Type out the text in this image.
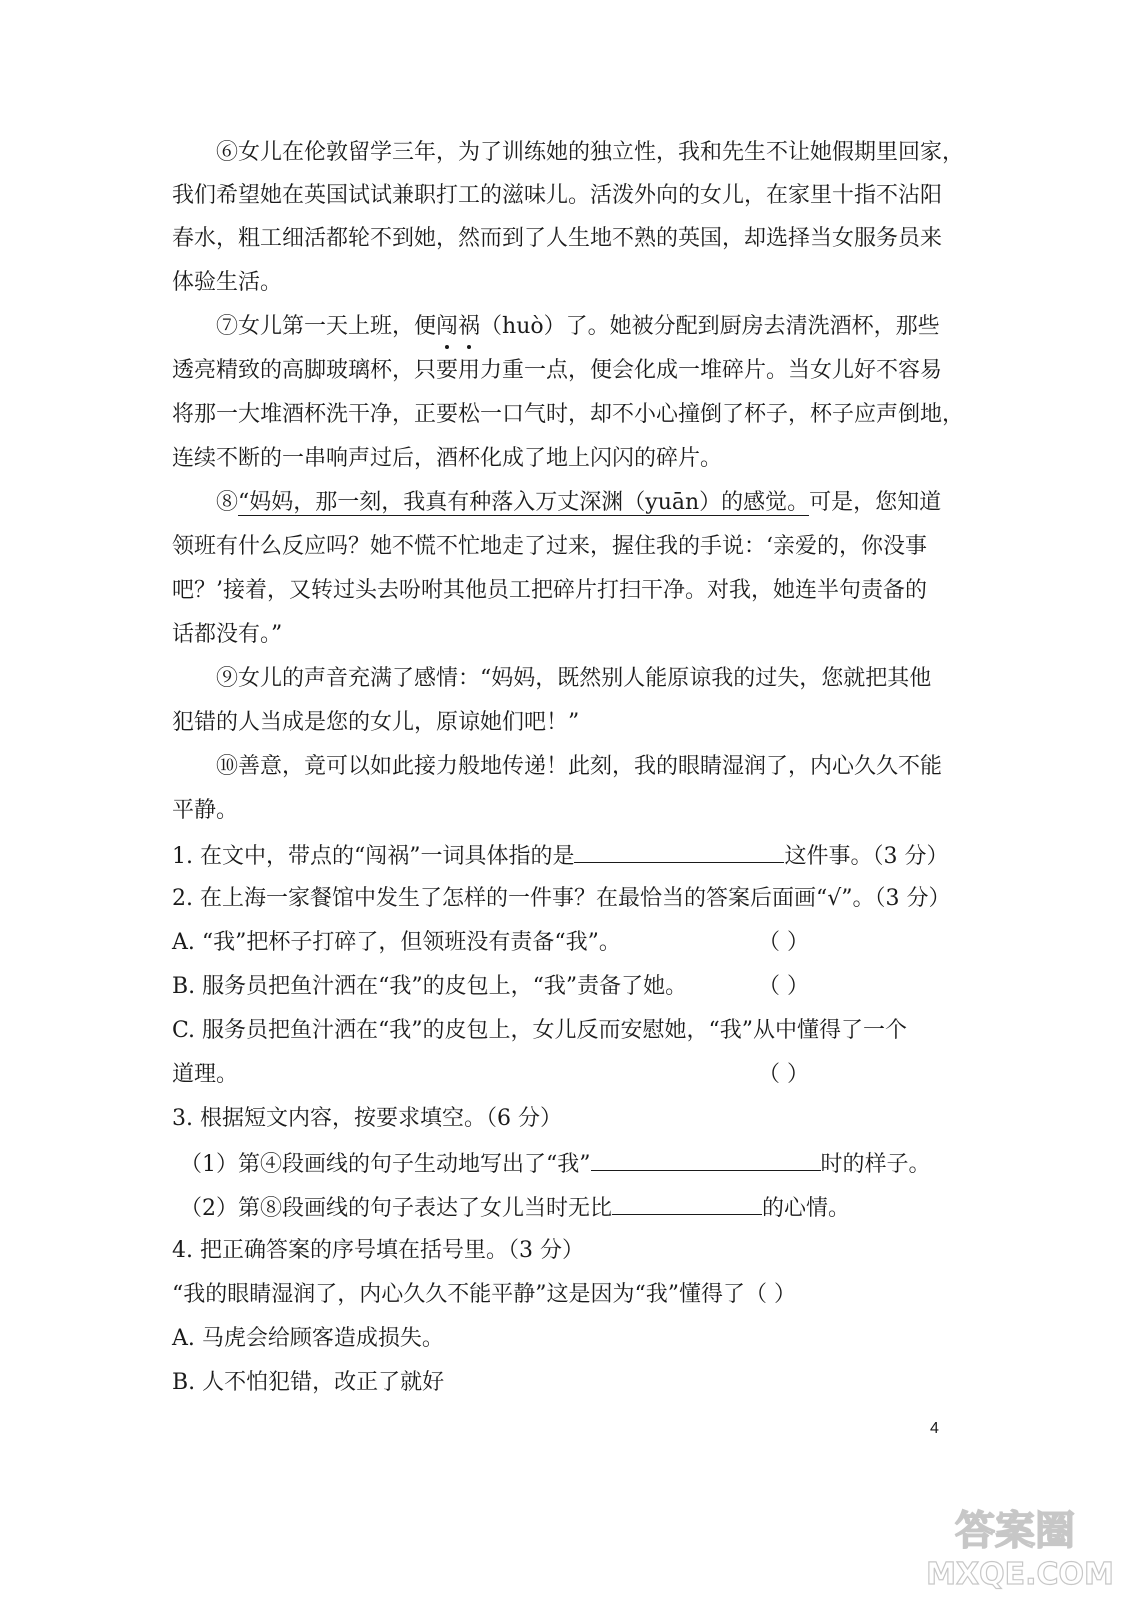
⑥女儿在伦敦留学三年，为了训练她的独立性，我和先生不让她假期里回家，
我们希望她在英国试试兼职打工的滋味儿。活泼外向的女儿，在家里十指不沾阳
春水，粗工细活都轮不到她，然而到了人生地不熟的英国，却选择当女服务员来
体验生活。
⑦女儿第一天上班，便闯祸
（huò）了。她被分配到厨房去清洗酒杯，那些
透亮精致的高脚玻璃杯，只要用力重一点，便会化成一堆碎片。当女儿好不容易
将那一大堆酒杯洗干净，正要松一口气时，却不小心撞倒了杯子，杯子应声倒地，
连续不断的一串响声过后，酒杯化成了地上闪闪的碎片。
⑧“妈妈，那一刻，我真有种落入万丈深渊（yuān）的感觉。可是，您知道
领班有什么反应吗？她不慌不忙地走了过来，握住我的手说：‘亲爱的，你没事
吧？’接着，又转过头去吩咐其他员工把碎片打扫干净。对我，她连半句责备的
话都没有。”
⑨女儿的声音充满了感情：“妈妈，既然别人能原谅我的过失，您就把其他
犯错的人当成是您的女儿，原谅她们吧！”
⑩善意，竟可以如此接力般地传递！此刻，我的眼睛湿润了，内心久久不能
平静。
1. 在文中，带点的“闯祸”一词具体指的是	这件事。（3 分）
2. 在上海一家餐馆中发生了怎样的一件事？在最恰当的答案后面画“√”。（3 分）
A. “我”把杯子打碎了，但领班没有责备“我”。	（ ）
B. 服务员把鱼汁洒在“我”的皮包上，“我”责备了她。	（ ）
C. 服务员把鱼汁洒在“我”的皮包上，女儿反而安慰她，“我”从中懂得了一个
道理。	（ ）
3. 根据短文内容，按要求填空。（6 分）
（1）第④段画线的句子生动地写出了“我”	时的样子。
（2）第⑧段画线的句子表达了女儿当时无比	的心情。
4. 把正确答案的序号填在括号里。（3 分）
“我的眼睛湿润了，内心久久不能平静”这是因为“我”懂得了（ ）
A. 马虎会给顾客造成损失。
B. 人不怕犯错，改正了就好
4
答案圈
MXQE.COM
